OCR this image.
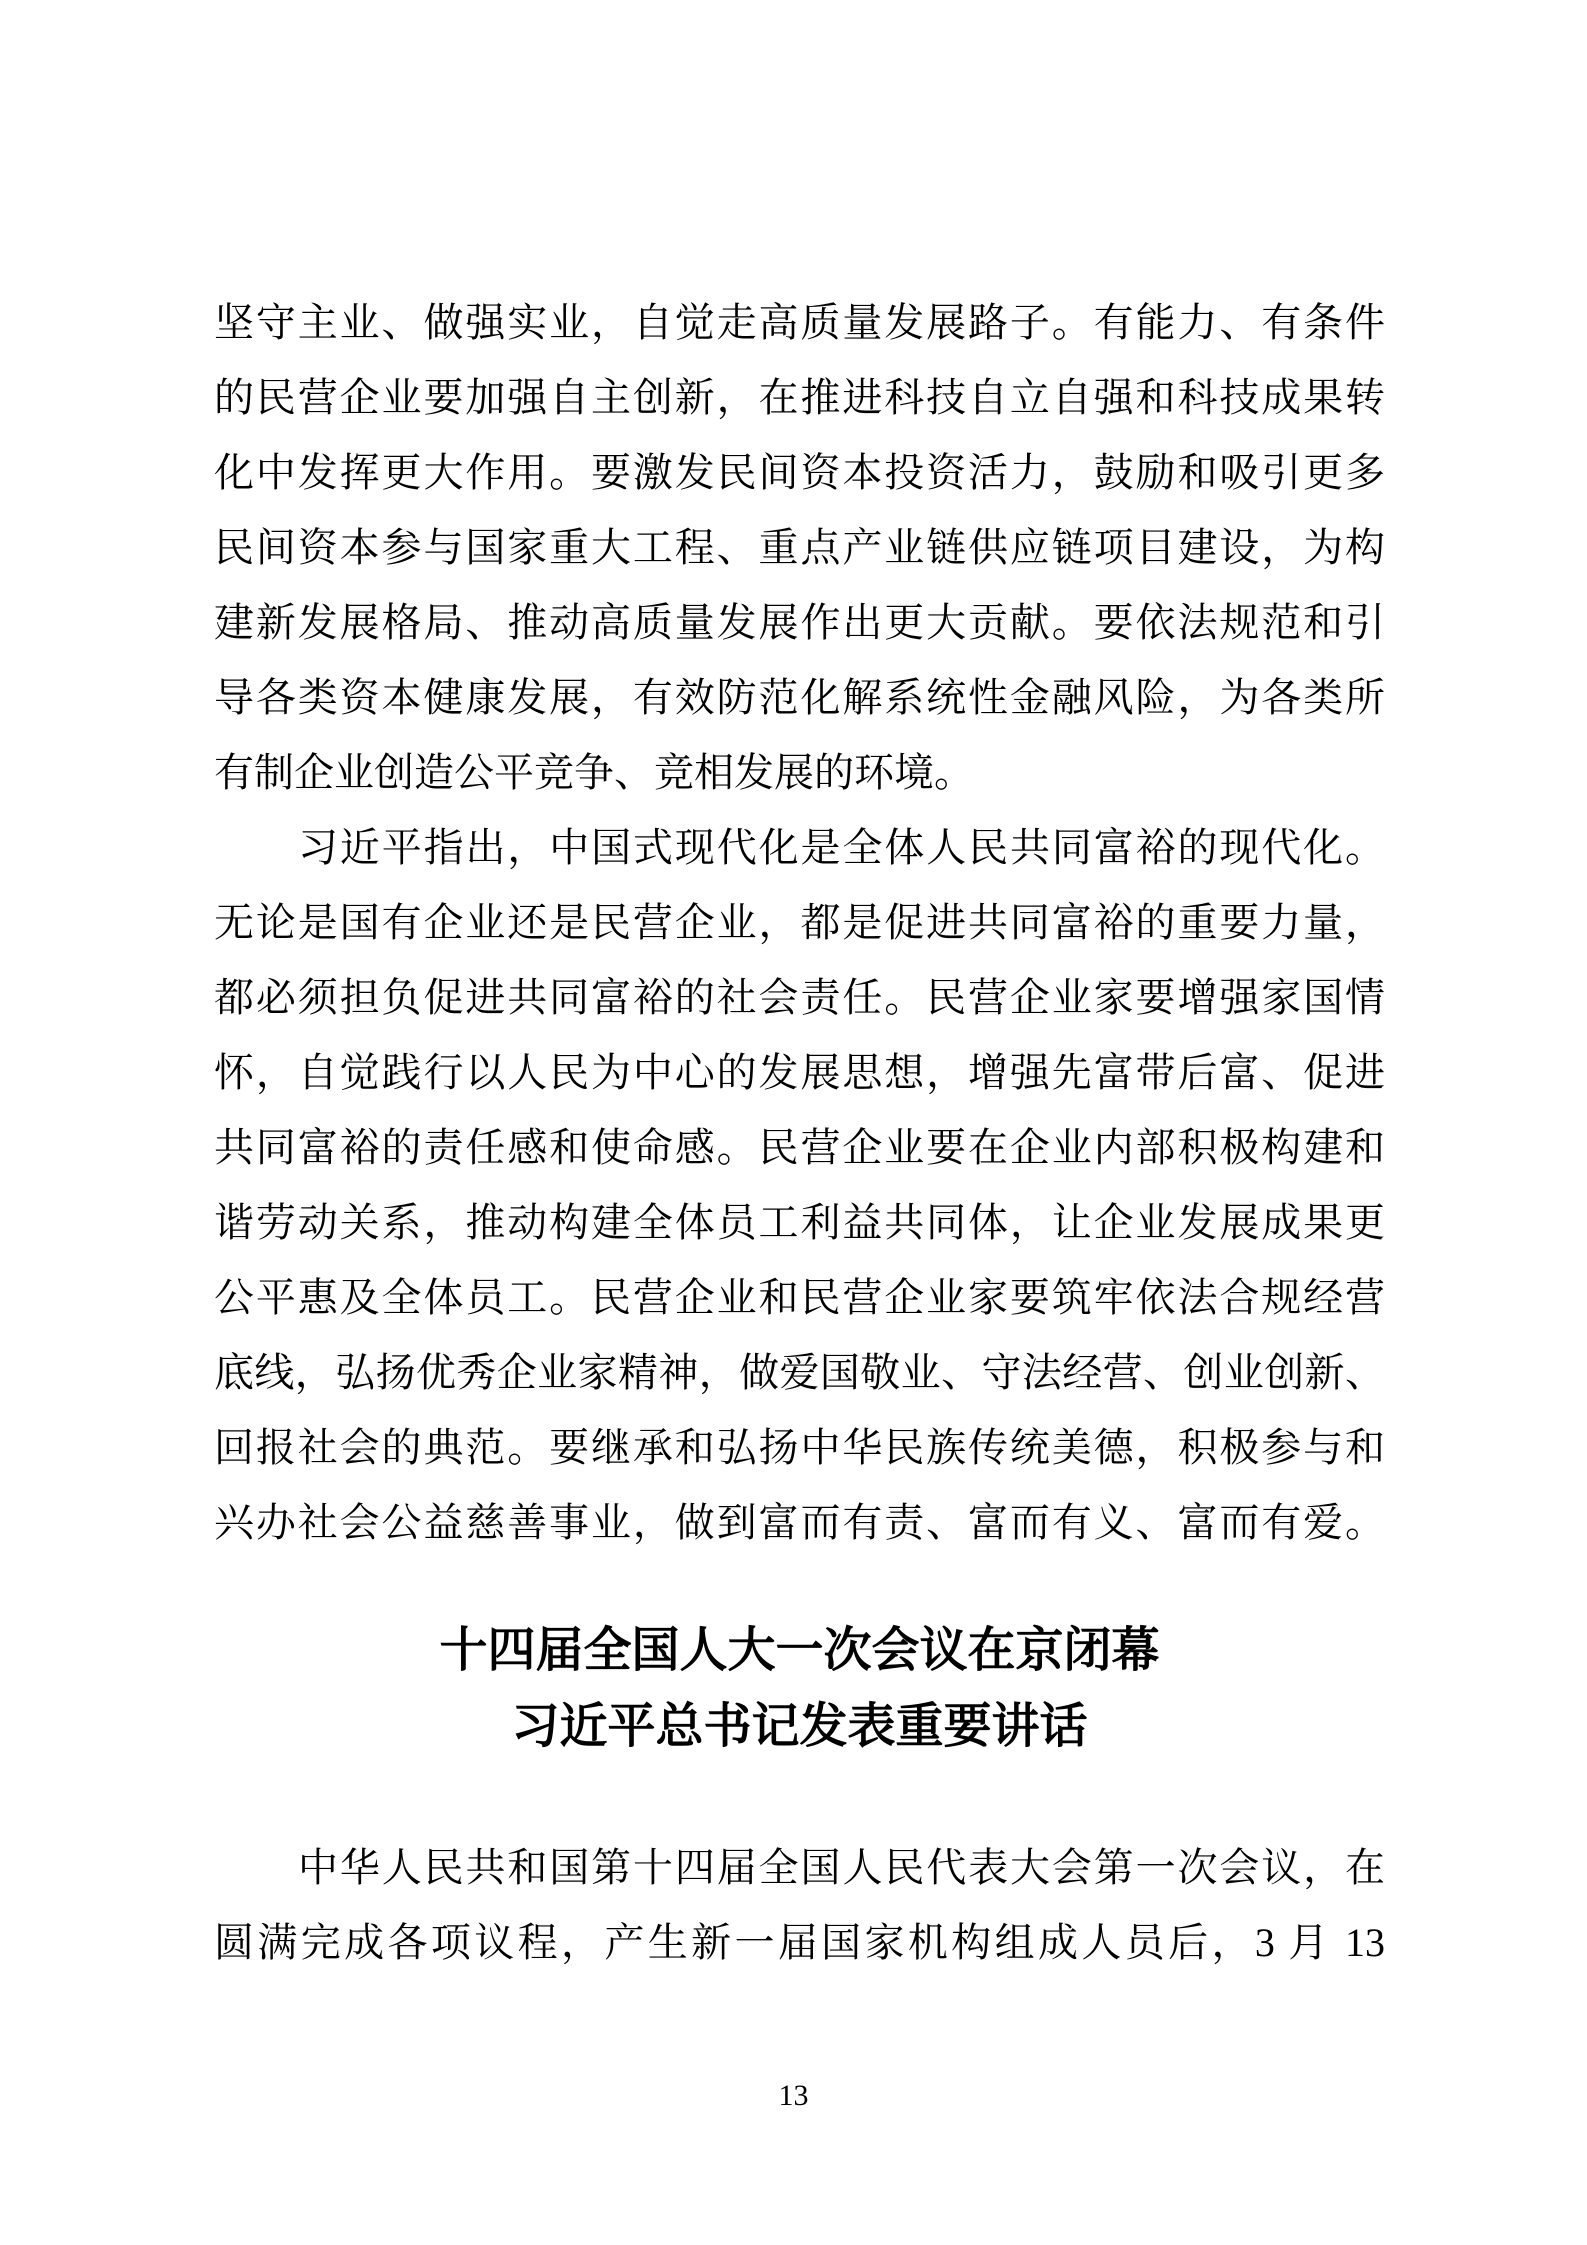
坚守主业、做强实业，自觉走高质量发展路子。有能力、有条件
的民营企业要加强自主创新，在推进科技自立自强和科技成果转
化中发挥更大作用。要激发民间资本投资活力，鼓励和吸引更多
民间资本参与国家重大工程、重点产业链供应链项目建设，为构
建新发展格局、推动高质量发展作出更大贡献。要依法规范和引
导各类资本健康发展，有效防范化解系统性金融风险，为各类所
有制企业创造公平竞争、竞相发展的环境。
习近平指出，中国式现代化是全体人民共同富裕的现代化。
无论是国有企业还是民营企业，都是促进共同富裕的重要力量，
都必须担负促进共同富裕的社会责任。民营企业家要增强家国情
怀，自觉践行以人民为中心的发展思想，增强先富带后富、促进
共同富裕的责任感和使命感。民营企业要在企业内部积极构建和
谐劳动关系，推动构建全体员工利益共同体，让企业发展成果更
公平惠及全体员工。民营企业和民营企业家要筑牢依法合规经营
底线，弘扬优秀企业家精神，做爱国敬业、守法经营、创业创新、
回报社会的典范。要继承和弘扬中华民族传统美德，积极参与和
兴办社会公益慈善事业，做到富而有责、富而有义、富而有爱。
十四届全国人大一次会议在京闭幕
习近平总书记发表重要讲话
中华人民共和国第十四届全国人民代表大会第一次会议，在
圆满完成各项议程，产生新一届国家机构组成人员后，3 月 13
13
